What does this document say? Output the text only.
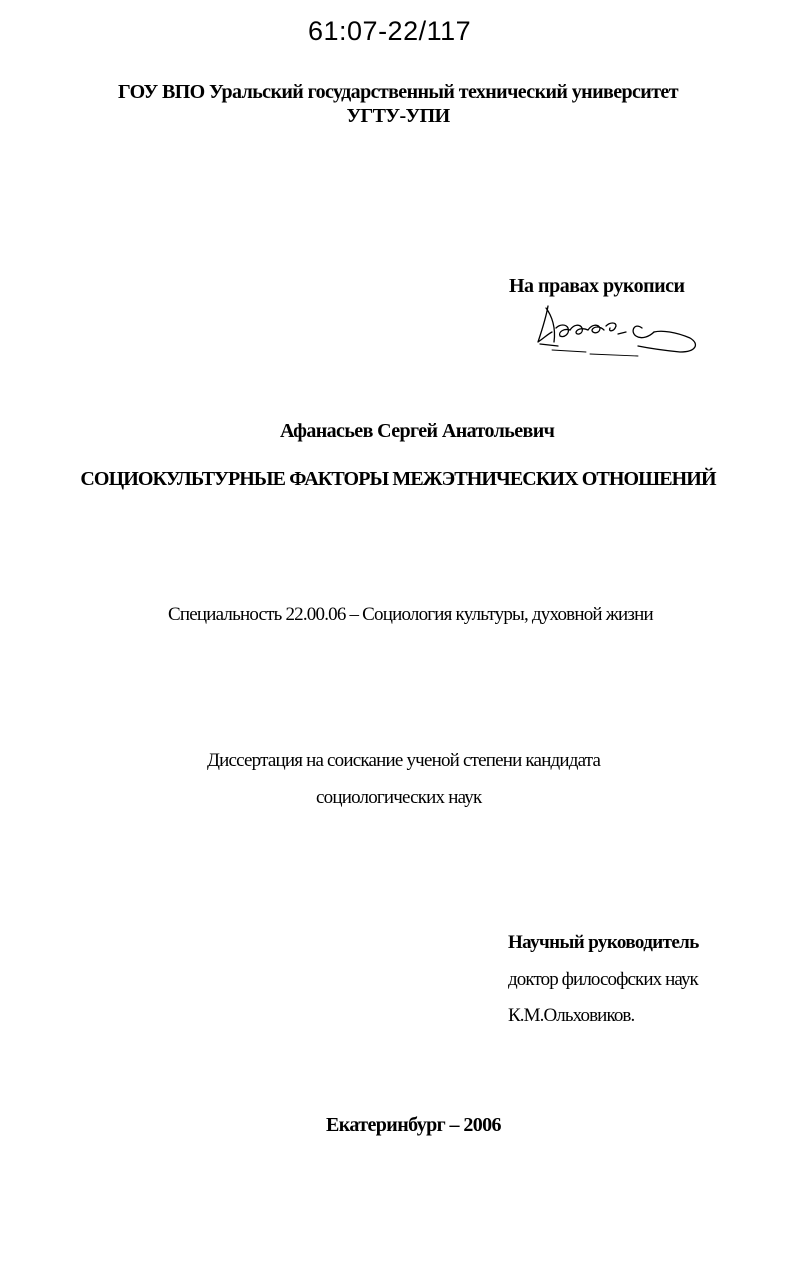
61:07-22/117
ГОУ ВПО Уральский государственный технический университет
УГТУ-УПИ
На правах рукописи
Афанасьев Сергей Анатольевич
СОЦИОКУЛЬТУРНЫЕ ФАКТОРЫ МЕЖЭТНИЧЕСКИХ ОТНОШЕНИЙ
Специальность 22.00.06 – Социология культуры, духовной жизни
Диссертация на соискание ученой степени кандидата
социологических наук
Научный руководитель
доктор философских наук
К.М.Ольховиков.
Екатеринбург – 2006
